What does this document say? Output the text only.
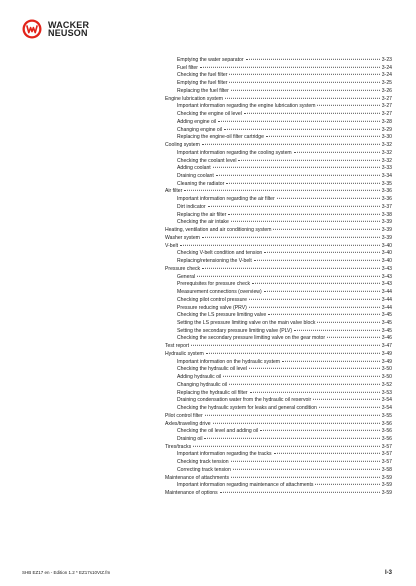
WACKER
NEUSON
Emptying the water separator	3-23
Fuel filter	3-24
Checking the fuel filter	3-24
Emptying the fuel filter	3-25
Replacing the fuel filter	3-26
Engine lubrication system	3-27
Important information regarding the engine lubrication system	3-27
Checking the engine oil level	3-27
Adding engine oil	3-28
Changing engine oil	3-29
Replacing the engine-oil filter cartridge	3-30
Cooling system	3-32
Important information regarding the cooling system	3-32
Checking the coolant level	3-32
Adding coolant	3-33
Draining coolant	3-34
Cleaning the radiator	3-35
Air filter	3-36
Important information regarding the air filter	3-36
Dirt indicator	3-37
Replacing the air filter	3-38
Checking the air intake	3-39
Heating, ventilation and air conditioning system	3-39
Washer system	3-39
V-belt	3-40
Checking V-belt condition and tension	3-40
Replacing/retensioning the V-belt	3-40
Pressure check	3-43
General	3-43
Prerequisites for pressure check	3-43
Measurement connections (overview)	3-44
Checking pilot control pressure	3-44
Pressure reducing valve (PRV)	3-44
Checking the LS pressure limiting valve	3-45
Setting the LS pressure limiting valve on the main valve block	3-45
Setting the secondary pressure limiting valve (PLV)	3-45
Checking the secondary pressure limiting valve on the gear motor	3-46
Test report	3-47
Hydraulic system	3-49
Important information on the hydraulic system	3-49
Checking the hydraulic oil level	3-50
Adding hydraulic oil	3-50
Changing hydraulic oil	3-52
Replacing the hydraulic oil filter	3-53
Draining condensation water from the hydraulic oil reservoir	3-54
Checking the hydraulic system for leaks and general condition	3-54
Pilot control filter	3-55
Axles/traveling drive	3-56
Checking the oil level and adding oil	3-56
Draining oil	3-56
Tires/tracks	3-57
Important information regarding the tracks	3-57
Checking track tension	3-57
Correcting track tension	3-58
Maintenance of attachments	3-59
Important information regarding maintenance of attachments	3-59
Maintenance of options	3-59
SHB EZ17 en - Edition 1.2 * EZ17s10VIZ.fm	I-3
